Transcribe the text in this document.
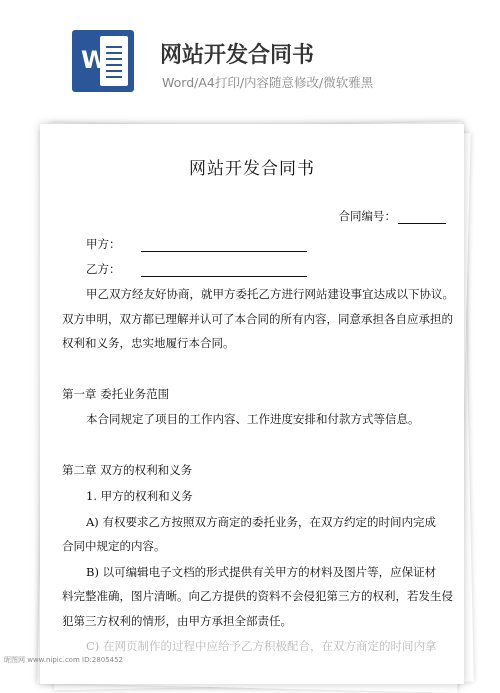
W 网站开发合同书
Word/A4打印/内容随意修改/微软雅黑
网站开发合同书
合同编号：
甲方：
乙方：
甲乙双方经友好协商，就甲方委托乙方进行网站建设事宜达成以下协议。
双方申明，双方都已理解并认可了本合同的所有内容，同意承担各自应承担的
权利和义务，忠实地履行本合同。
第一章 委托业务范围
本合同规定了项目的工作内容、工作进度安排和付款方式等信息。
第二章 双方的权利和义务
1. 甲方的权利和义务
A) 有权要求乙方按照双方商定的委托业务，在双方约定的时间内完成
合同中规定的内容。
B) 以可编辑电子文档的形式提供有关甲方的材料及图片等，应保证材
料完整准确，图片清晰。向乙方提供的资料不会侵犯第三方的权利，若发生侵
犯第三方权利的情形，由甲方承担全部责任。
C) 在网页制作的过程中应给予乙方积极配合，在双方商定的时间内拿
昵图网 www.nipic.com ID:2805452
